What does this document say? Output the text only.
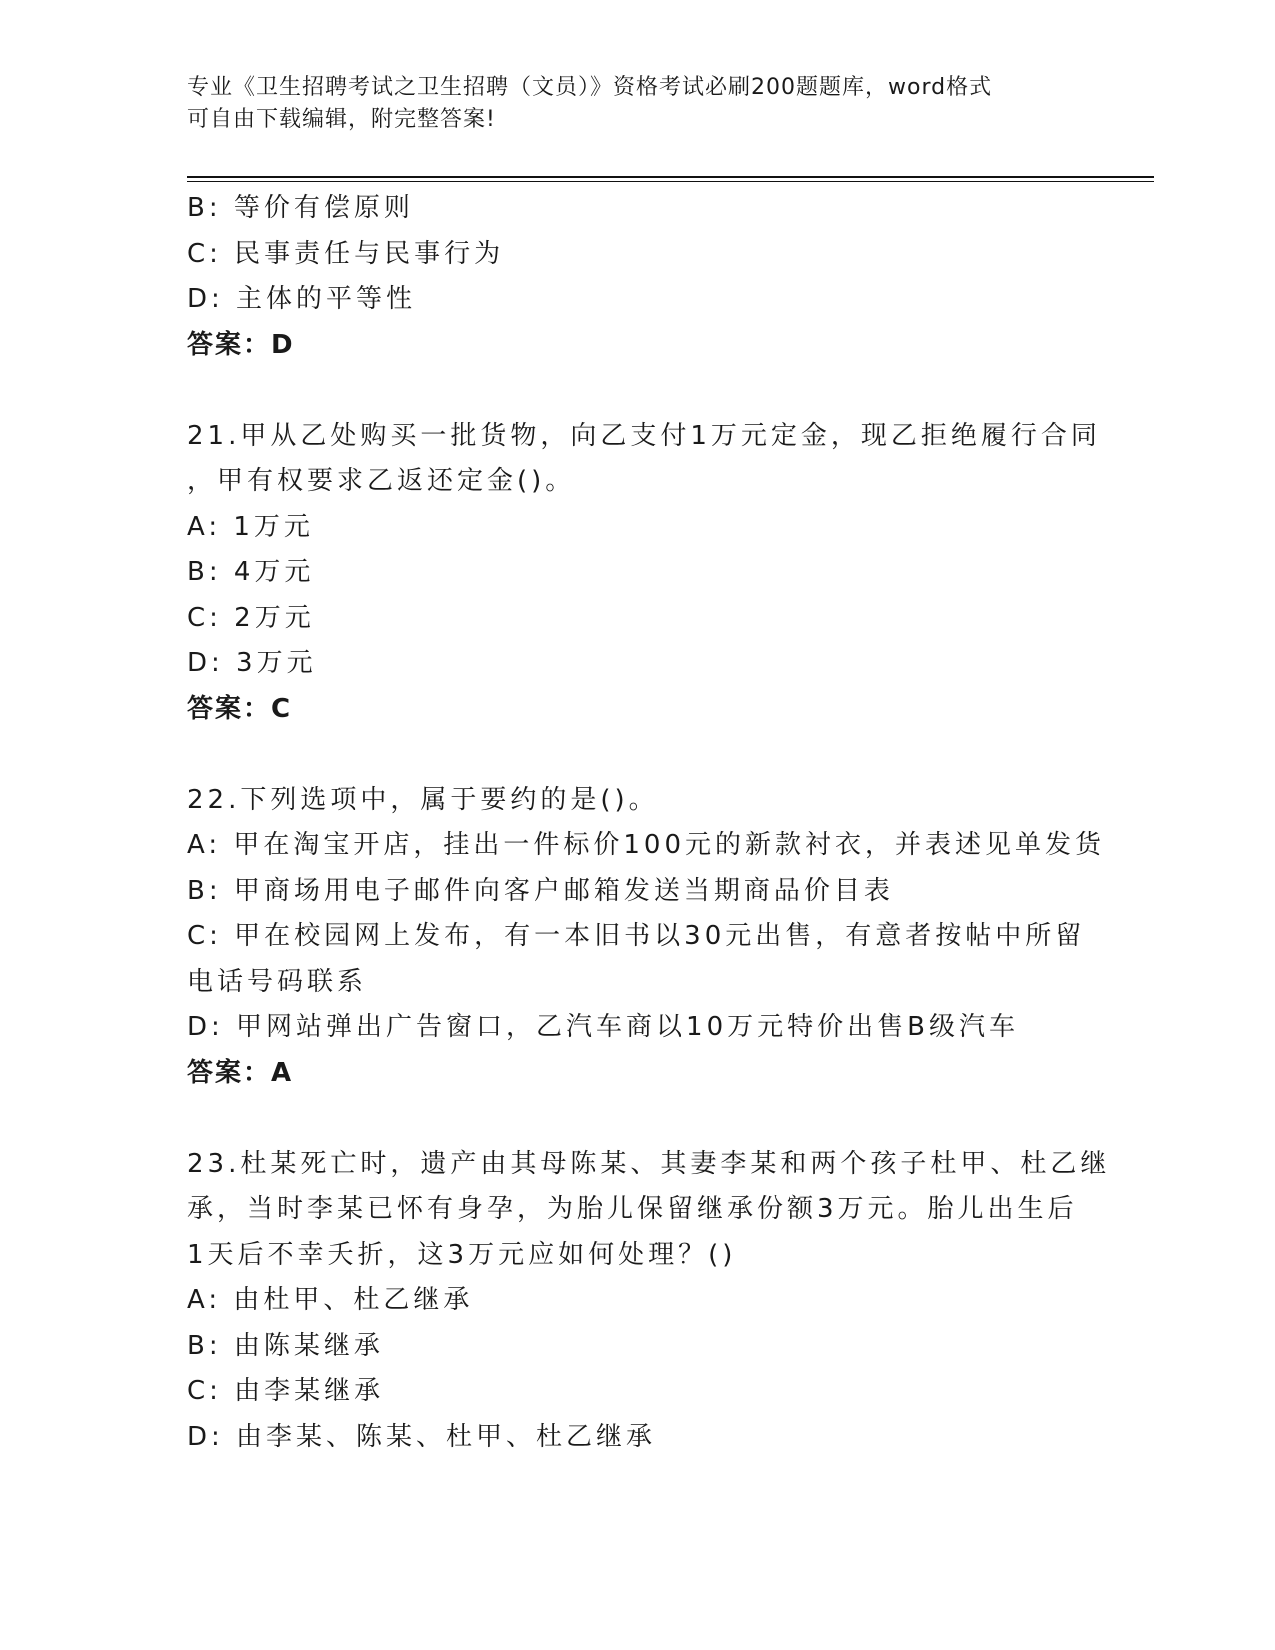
专业《卫生招聘考试之卫生招聘（文员）》资格考试必刷200题题库，word格式
可自由下载编辑，附完整答案!
B: 等价有偿原则
C: 民事责任与民事行为
D: 主体的平等性
答案：D
21.甲从乙处购买一批货物，向乙支付1万元定金，现乙拒绝履行合同
，甲有权要求乙返还定金()。
A: 1万元
B: 4万元
C: 2万元
D: 3万元
答案：C
22.下列选项中，属于要约的是()。
A: 甲在淘宝开店，挂出一件标价100元的新款衬衣，并表述见单发货
B: 甲商场用电子邮件向客户邮箱发送当期商品价目表
C: 甲在校园网上发布，有一本旧书以30元出售，有意者按帖中所留
电话号码联系
D: 甲网站弹出广告窗口，乙汽车商以10万元特价出售B级汽车
答案：A
23.杜某死亡时，遗产由其母陈某、其妻李某和两个孩子杜甲、杜乙继
承，当时李某已怀有身孕，为胎儿保留继承份额3万元。胎儿出生后
1天后不幸夭折，这3万元应如何处理？()
A: 由杜甲、杜乙继承
B: 由陈某继承
C: 由李某继承
D: 由李某、陈某、杜甲、杜乙继承
